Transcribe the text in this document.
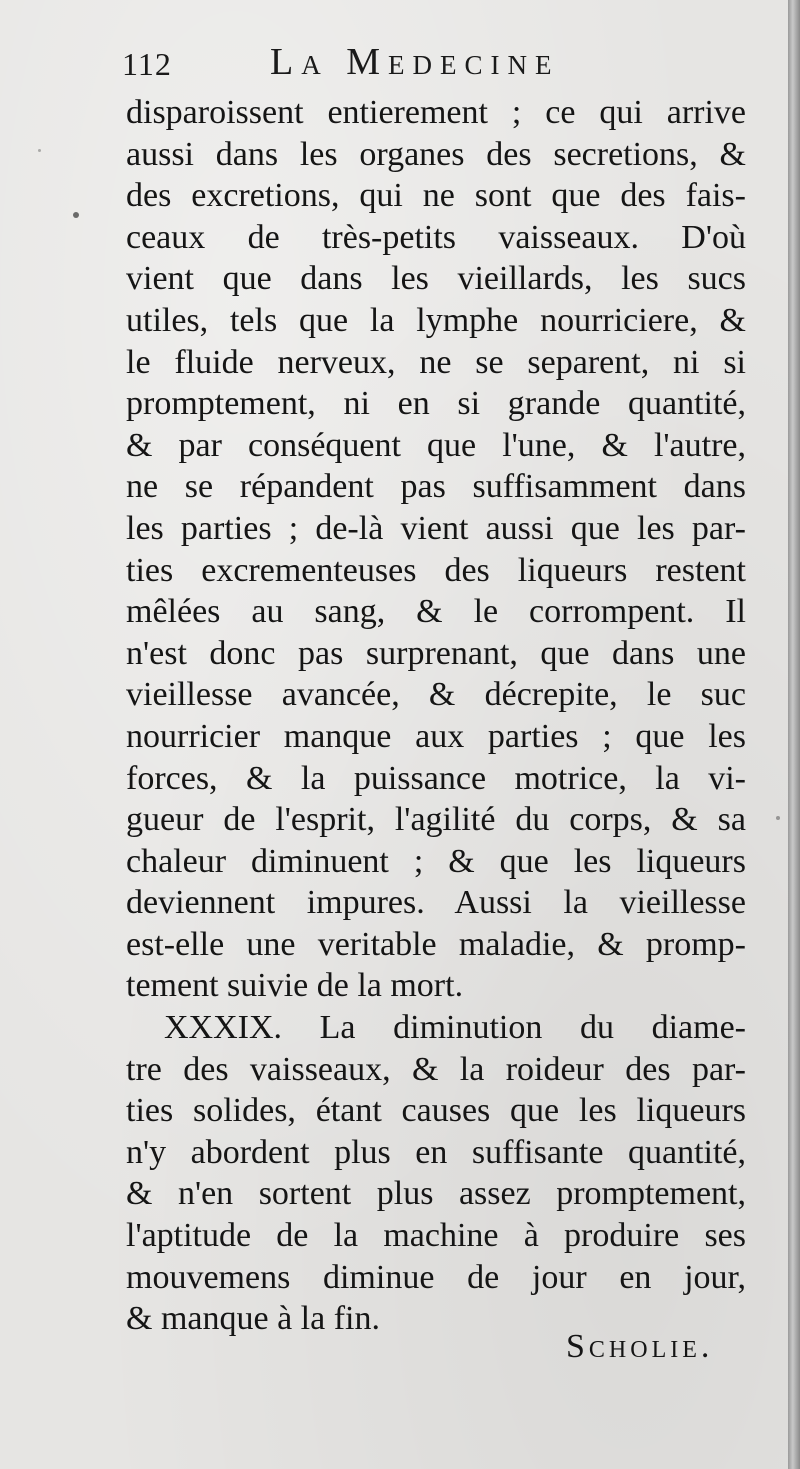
112	La Medecine
disparoissent entierement ; ce qui arrive
aussi dans les organes des secretions, &
des excretions, qui ne sont que des fais-
ceaux de très-petits vaisseaux. D'où
vient que dans les vieillards, les sucs
utiles, tels que la lymphe nourriciere, &
le fluide nerveux, ne se separent, ni si
promptement, ni en si grande quantité,
& par conséquent que l'une, & l'autre,
ne se répandent pas suffisamment dans
les parties ; de-là vient aussi que les par-
ties excrementeuses des liqueurs restent
mêlées au sang, & le corrompent. Il
n'est donc pas surprenant, que dans une
vieillesse avancée, & décrepite, le suc
nourricier manque aux parties ; que les
forces, & la puissance motrice, la vi-
gueur de l'esprit, l'agilité du corps, & sa
chaleur diminuent ; & que les liqueurs
deviennent impures. Aussi la vieillesse
est-elle une veritable maladie, & promp-
tement suivie de la mort.
XXXIX. La diminution du diame-
tre des vaisseaux, & la roideur des par-
ties solides, étant causes que les liqueurs
n'y abordent plus en suffisante quantité,
& n'en sortent plus assez promptement,
l'aptitude de la machine à produire ses
mouvemens diminue de jour en jour,
& manque à la fin.
Scholie.
